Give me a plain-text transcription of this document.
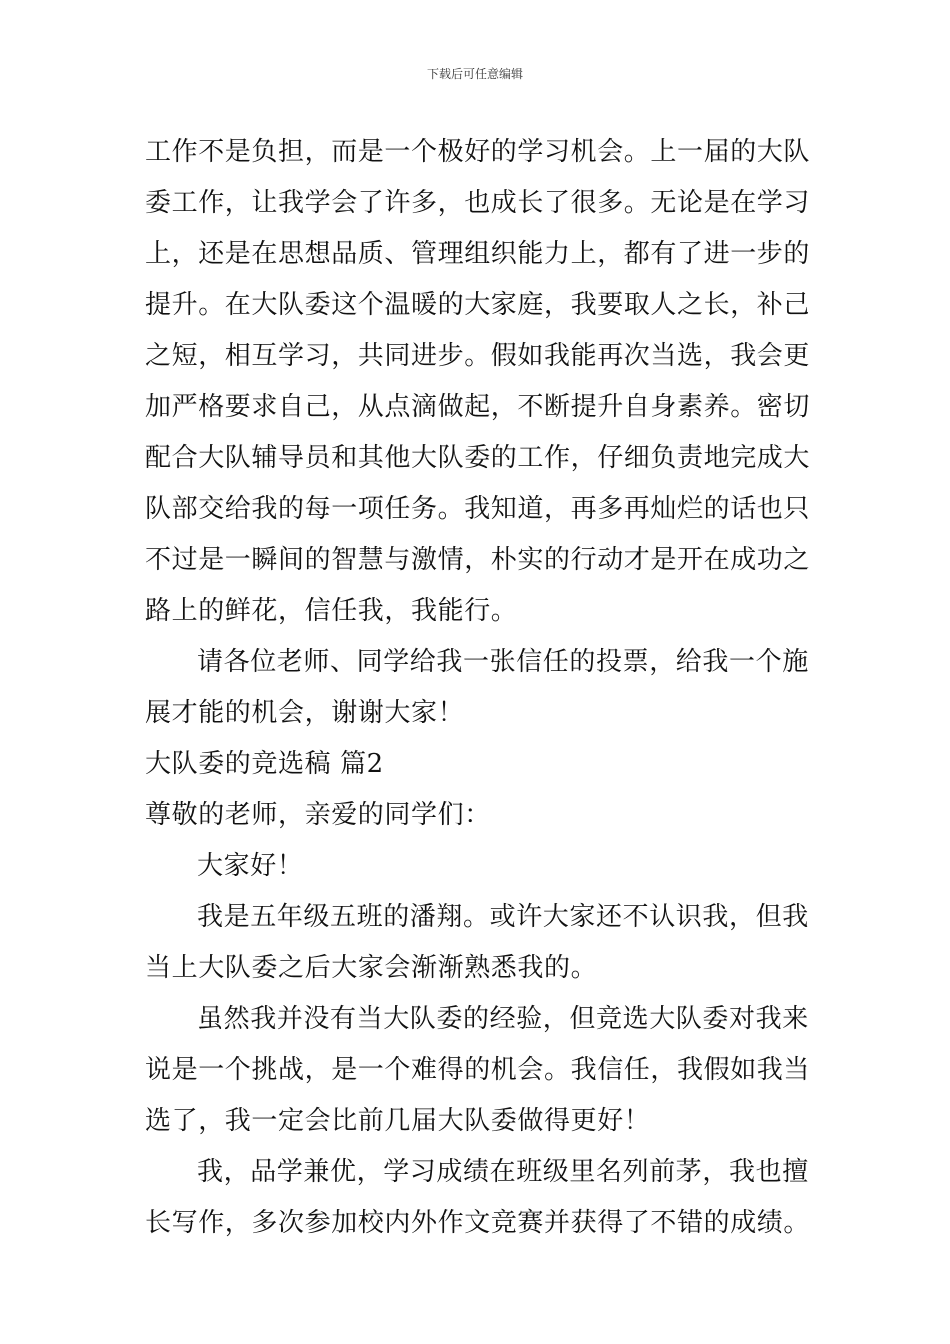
下载后可任意编辑
工作不是负担，而是一个极好的学习机会。上一届的大队
委工作，让我学会了许多，也成长了很多。无论是在学习
上，还是在思想品质、管理组织能力上，都有了进一步的
提升。在大队委这个温暖的大家庭，我要取人之长，补己
之短，相互学习，共同进步。假如我能再次当选，我会更
加严格要求自己，从点滴做起，不断提升自身素养。密切
配合大队辅导员和其他大队委的工作，仔细负责地完成大
队部交给我的每一项任务。我知道，再多再灿烂的话也只
不过是一瞬间的智慧与激情，朴实的行动才是开在成功之
路上的鲜花，信任我，我能行。
请各位老师、同学给我一张信任的投票，给我一个施
展才能的机会，谢谢大家！
大队委的竞选稿 篇2
尊敬的老师，亲爱的同学们：
大家好！
我是五年级五班的潘翔。或许大家还不认识我，但我
当上大队委之后大家会渐渐熟悉我的。
虽然我并没有当大队委的经验，但竞选大队委对我来
说是一个挑战，是一个难得的机会。我信任，我假如我当
选了，我一定会比前几届大队委做得更好！
我，品学兼优，学习成绩在班级里名列前茅，我也擅
长写作，多次参加校内外作文竞赛并获得了不错的成绩。
